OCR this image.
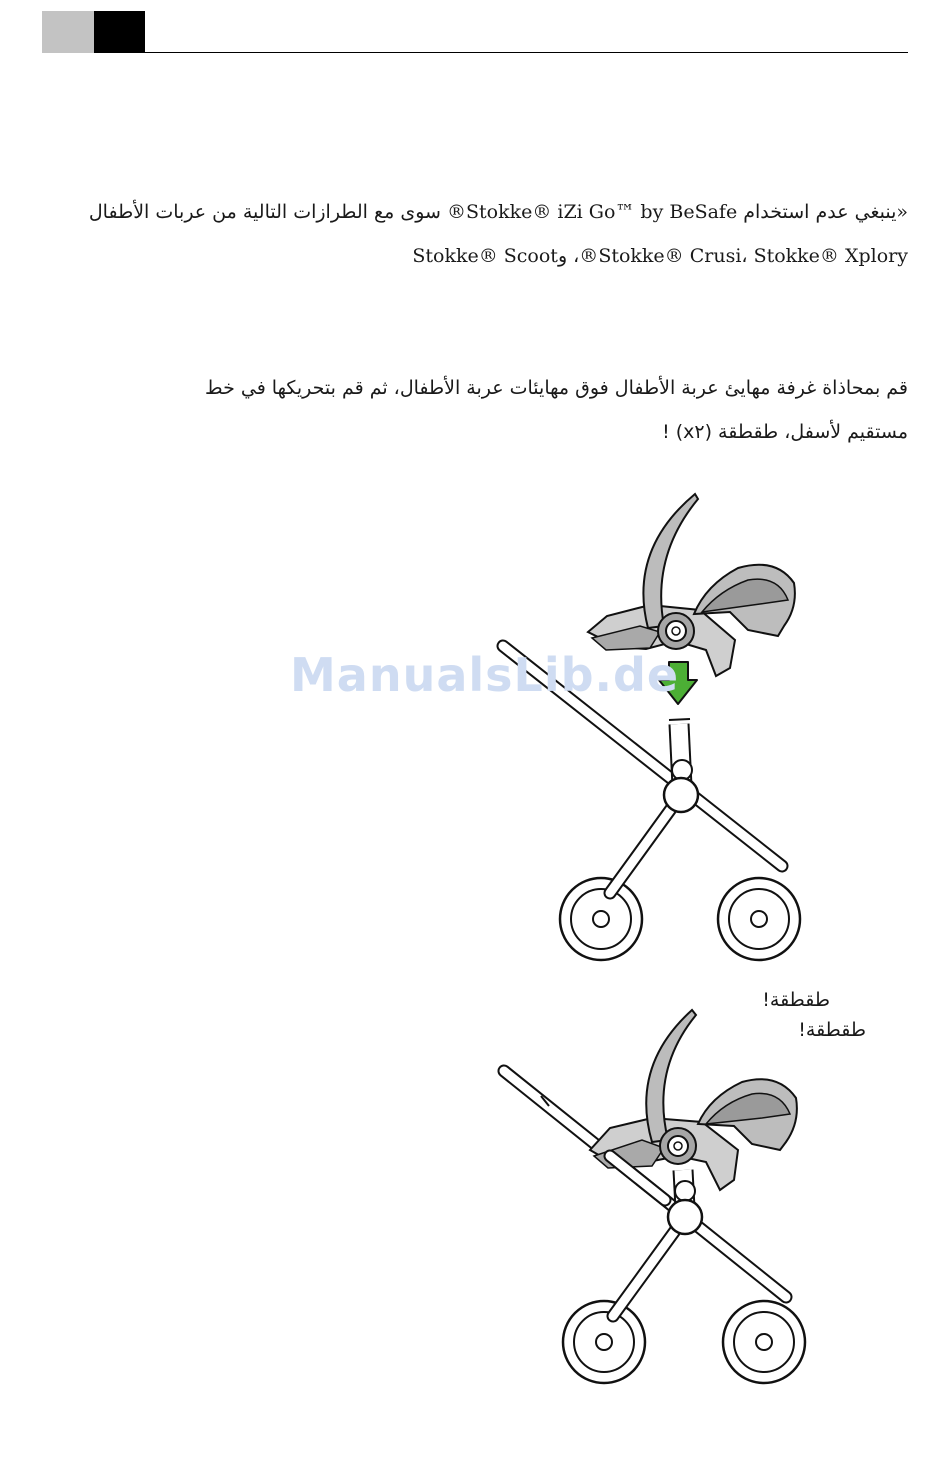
«ينبغي عدم استخدام Stokke® iZi Go™ by BeSafe® سوى مع الطرازات التالية من عربات الأطفال
Stokke® Crusi، Stokke® Xplory®، وStokke® Scoot

قم بمحاذاة غرفة مهايئ عربة الأطفال فوق مهايئات عربة الأطفال، ثم قم بتحريكها في خط
مستقيم لأسفل، طقطقة (x٢) !

طقطقة!
طقطقة!
ManualsLib.de
